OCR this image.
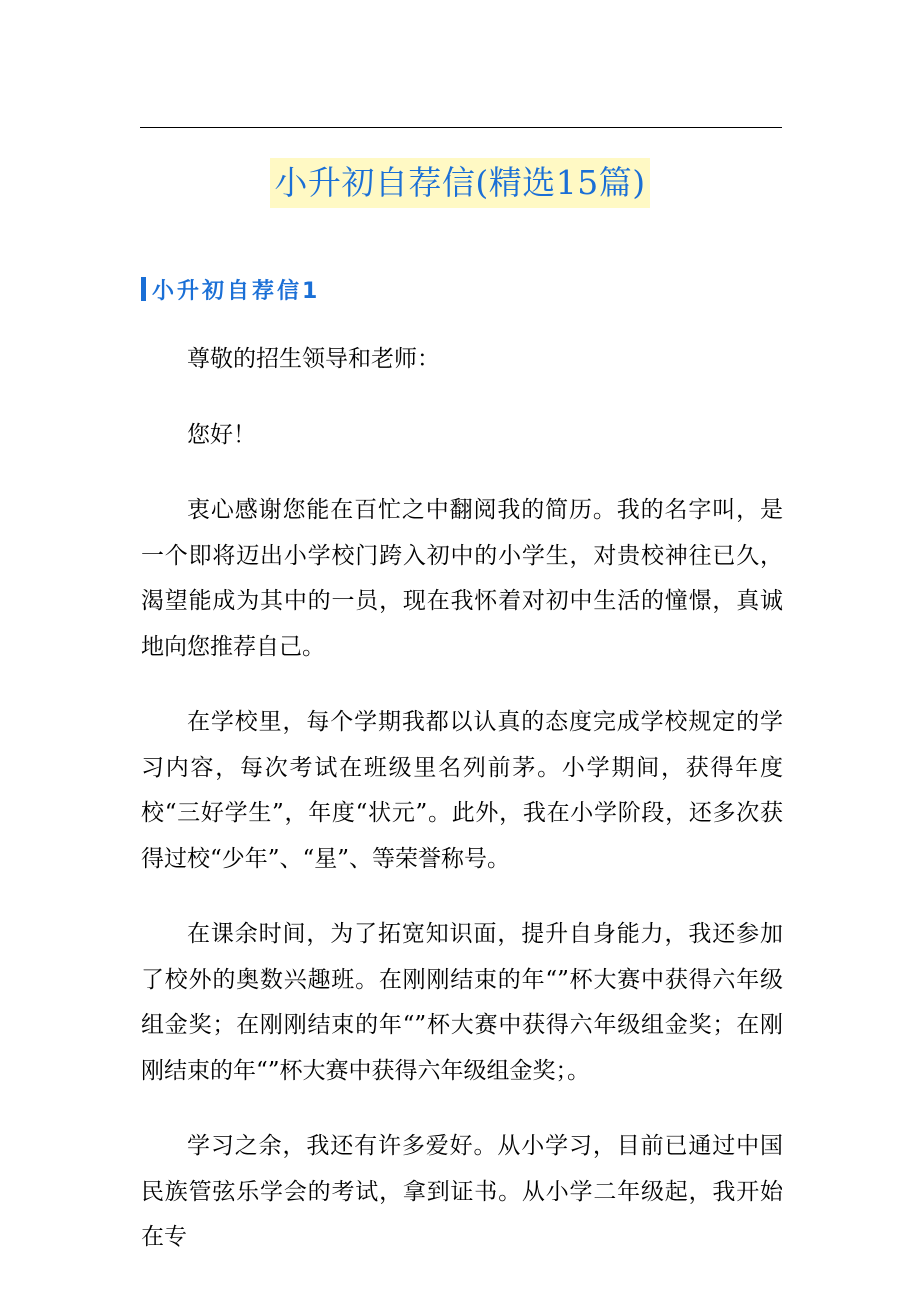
小升初自荐信(精选15篇)
小升初自荐信1

尊敬的招生领导和老师：

您好！

衷心感谢您能在百忙之中翻阅我的简历。我的名字叫，是一个即将迈出小学校门跨入初中的小学生，对贵校神往已久，渴望能成为其中的一员，现在我怀着对初中生活的憧憬，真诚地向您推荐自己。

在学校里，每个学期我都以认真的态度完成学校规定的学习内容，每次考试在班级里名列前茅。小学期间，获得年度校“三好学生”，年度“状元”。此外，我在小学阶段，还多次获得过校“少年”、“星”、等荣誉称号。

在课余时间，为了拓宽知识面，提升自身能力，我还参加了校外的奥数兴趣班。在刚刚结束的年“”杯大赛中获得六年级组金奖；在刚刚结束的年“”杯大赛中获得六年级组金奖；在刚刚结束的年“”杯大赛中获得六年级组金奖；。

学习之余，我还有许多爱好。从小学习，目前已通过中国民族管弦乐学会的考试，拿到证书。从小学二年级起，我开始在专
